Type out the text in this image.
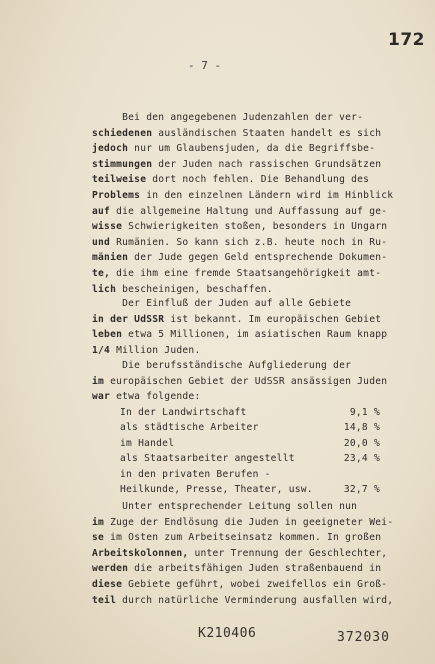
172
- 7 -
Bei den angegebenen Judenzahlen der ver-
schiedenen ausländischen Staaten handelt es sich
jedoch nur um Glaubensjuden, da die Begriffsbe-
stimmungen der Juden nach rassischen Grundsätzen
teilweise dort noch fehlen. Die Behandlung des
Problems in den einzelnen Ländern wird im Hinblick
auf die allgemeine Haltung und Auffassung auf ge-
wisse Schwierigkeiten stoßen, besonders in Ungarn
und Rumänien. So kann sich z.B. heute noch in Ru-
mänien der Jude gegen Geld entsprechende Dokumen-
te, die ihm eine fremde Staatsangehörigkeit amt-
lich bescheinigen, beschaffen.
Der Einfluß der Juden auf alle Gebiete
in der UdSSR ist bekannt. Im europäischen Gebiet
leben etwa 5 Millionen, im asiatischen Raum knapp
1/4 Million Juden.
Die berufsständische Aufgliederung der
im europäischen Gebiet der UdSSR ansässigen Juden
war etwa folgende:
In der Landwirtschaft	9,1 %
als städtische Arbeiter	14,8 %
im Handel	20,0 %
als Staatsarbeiter angestellt	23,4 %
in den privaten Berufen -
Heilkunde, Presse, Theater, usw.	32,7 %
Unter entsprechender Leitung sollen nun
im Zuge der Endlösung die Juden in geeigneter Wei-
se im Osten zum Arbeitseinsatz kommen. In großen
Arbeitskolonnen, unter Trennung der Geschlechter,
werden die arbeitsfähigen Juden straßenbauend in
diese Gebiete geführt, wobei zweifellos ein Groß-
teil durch natürliche Verminderung ausfallen wird,
K210406	372030
